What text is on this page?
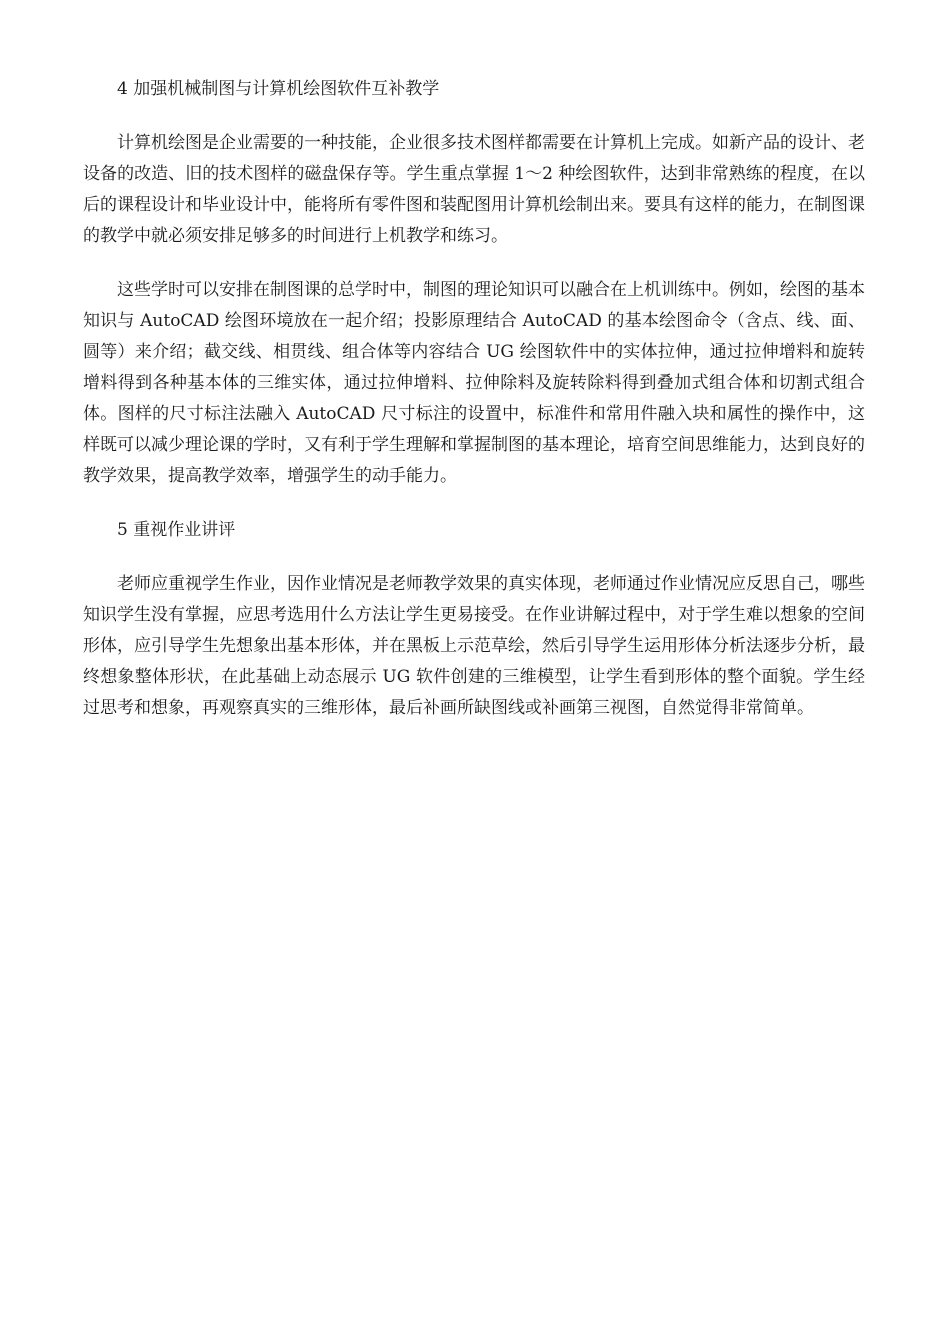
4 加强机械制图与计算机绘图软件互补教学

计算机绘图是企业需要的一种技能，企业很多技术图样都需要在计算机上完成。如新产品的设计、老设备的改造、旧的技术图样的磁盘保存等。学生重点掌握 1～2 种绘图软件，达到非常熟练的程度，在以后的课程设计和毕业设计中，能将所有零件图和装配图用计算机绘制出来。要具有这样的能力，在制图课的教学中就必须安排足够多的时间进行上机教学和练习。

这些学时可以安排在制图课的总学时中，制图的理论知识可以融合在上机训练中。例如，绘图的基本知识与 AutoCAD 绘图环境放在一起介绍；投影原理结合 AutoCAD 的基本绘图命令（含点、线、面、圆等）来介绍；截交线、相贯线、组合体等内容结合 UG 绘图软件中的实体拉伸，通过拉伸增料和旋转增料得到各种基本体的三维实体，通过拉伸增料、拉伸除料及旋转除料得到叠加式组合体和切割式组合体。图样的尺寸标注法融入 AutoCAD 尺寸标注的设置中，标准件和常用件融入块和属性的操作中，这样既可以减少理论课的学时，又有利于学生理解和掌握制图的基本理论，培育空间思维能力，达到良好的教学效果，提高教学效率，增强学生的动手能力。

5 重视作业讲评

老师应重视学生作业，因作业情况是老师教学效果的真实体现，老师通过作业情况应反思自己，哪些知识学生没有掌握，应思考选用什么方法让学生更易接受。在作业讲解过程中，对于学生难以想象的空间形体，应引导学生先想象出基本形体，并在黑板上示范草绘，然后引导学生运用形体分析法逐步分析，最终想象整体形状，在此基础上动态展示 UG 软件创建的三维模型，让学生看到形体的整个面貌。学生经过思考和想象，再观察真实的三维形体，最后补画所缺图线或补画第三视图，自然觉得非常简单。
